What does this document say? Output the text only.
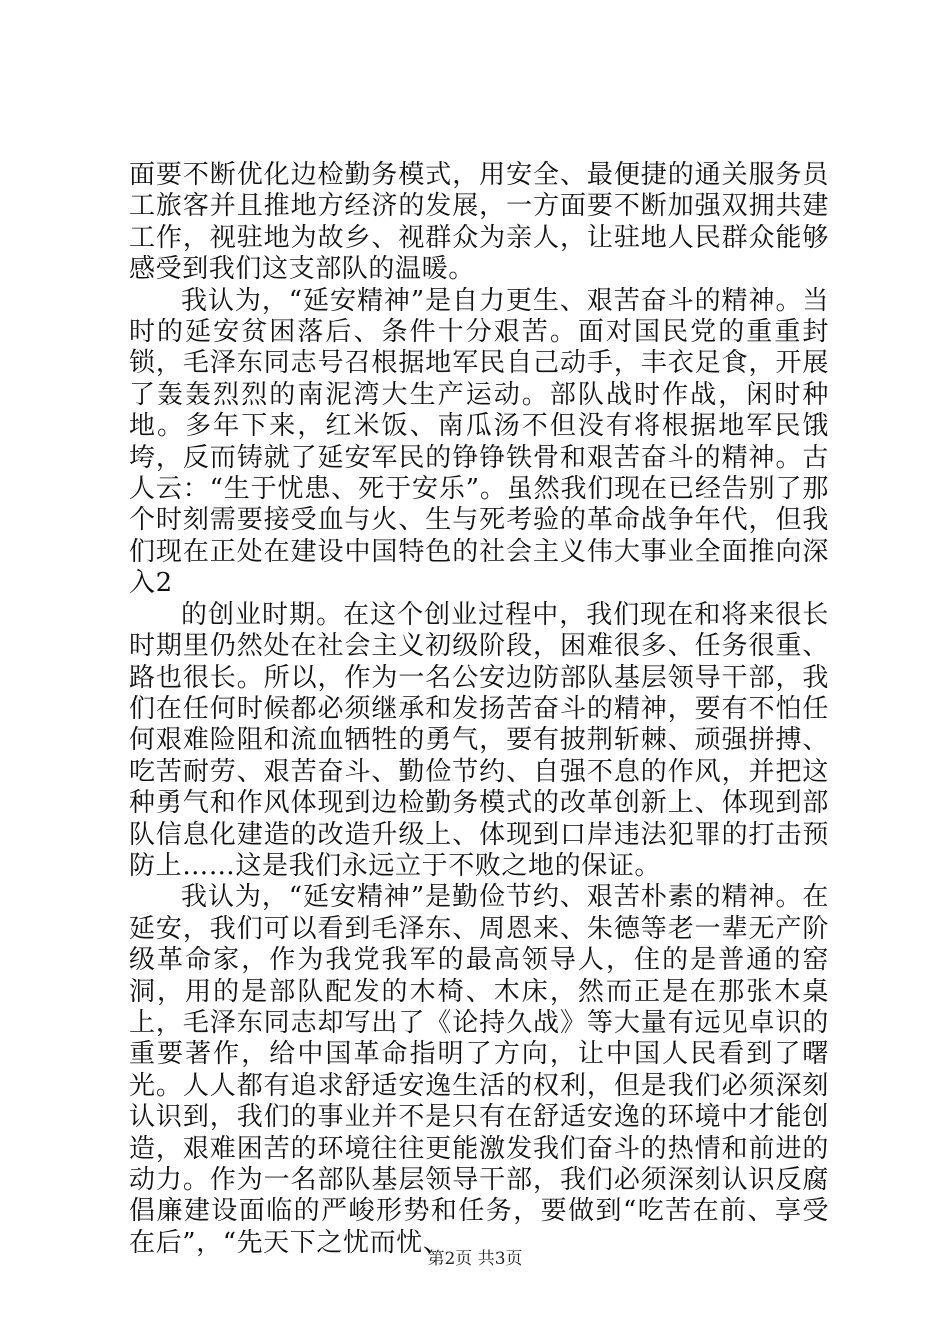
面要不断优化边检勤务模式，用安全、最便捷的通关服务员工旅客并且推地方经济的发展，一方面要不断加强双拥共建工作，视驻地为故乡、视群众为亲人，让驻地人民群众能够感受到我们这支部队的温暖。

我认为，“延安精神”是自力更生、艰苦奋斗的精神。当时的延安贫困落后、条件十分艰苦。面对国民党的重重封锁，毛泽东同志号召根据地军民自己动手，丰衣足食，开展了轰轰烈烈的南泥湾大生产运动。部队战时作战，闲时种地。多年下来，红米饭、南瓜汤不但没有将根据地军民饿垮，反而铸就了延安军民的铮铮铁骨和艰苦奋斗的精神。古人云：“生于忧患、死于安乐”。虽然我们现在已经告别了那个时刻需要接受血与火、生与死考验的革命战争年代，但我们现在正处在建设中国特色的社会主义伟大事业全面推向深入2

的创业时期。在这个创业过程中，我们现在和将来很长时期里仍然处在社会主义初级阶段，困难很多、任务很重、路也很长。所以，作为一名公安边防部队基层领导干部，我们在任何时候都必须继承和发扬苦奋斗的精神，要有不怕任何艰难险阻和流血牺牲的勇气，要有披荆斩棘、顽强拼搏、吃苦耐劳、艰苦奋斗、勤俭节约、自强不息的作风，并把这种勇气和作风体现到边检勤务模式的改革创新上、体现到部队信息化建造的改造升级上、体现到口岸违法犯罪的打击预防上……这是我们永远立于不败之地的保证。

我认为，“延安精神”是勤俭节约、艰苦朴素的精神。在延安，我们可以看到毛泽东、周恩来、朱德等老一辈无产阶级革命家，作为我党我军的最高领导人，住的是普通的窑洞，用的是部队配发的木椅、木床，然而正是在那张木桌上，毛泽东同志却写出了《论持久战》等大量有远见卓识的重要著作，给中国革命指明了方向，让中国人民看到了曙光。人人都有追求舒适安逸生活的权利，但是我们必须深刻认识到，我们的事业并不是只有在舒适安逸的环境中才能创造，艰难困苦的环境往往更能激发我们奋斗的热情和前进的动力。作为一名部队基层领导干部，我们必须深刻认识反腐倡廉建设面临的严峻形势和任务，要做到“吃苦在前、享受在后”，“先天下之忧而忧、

第2页 共3页
